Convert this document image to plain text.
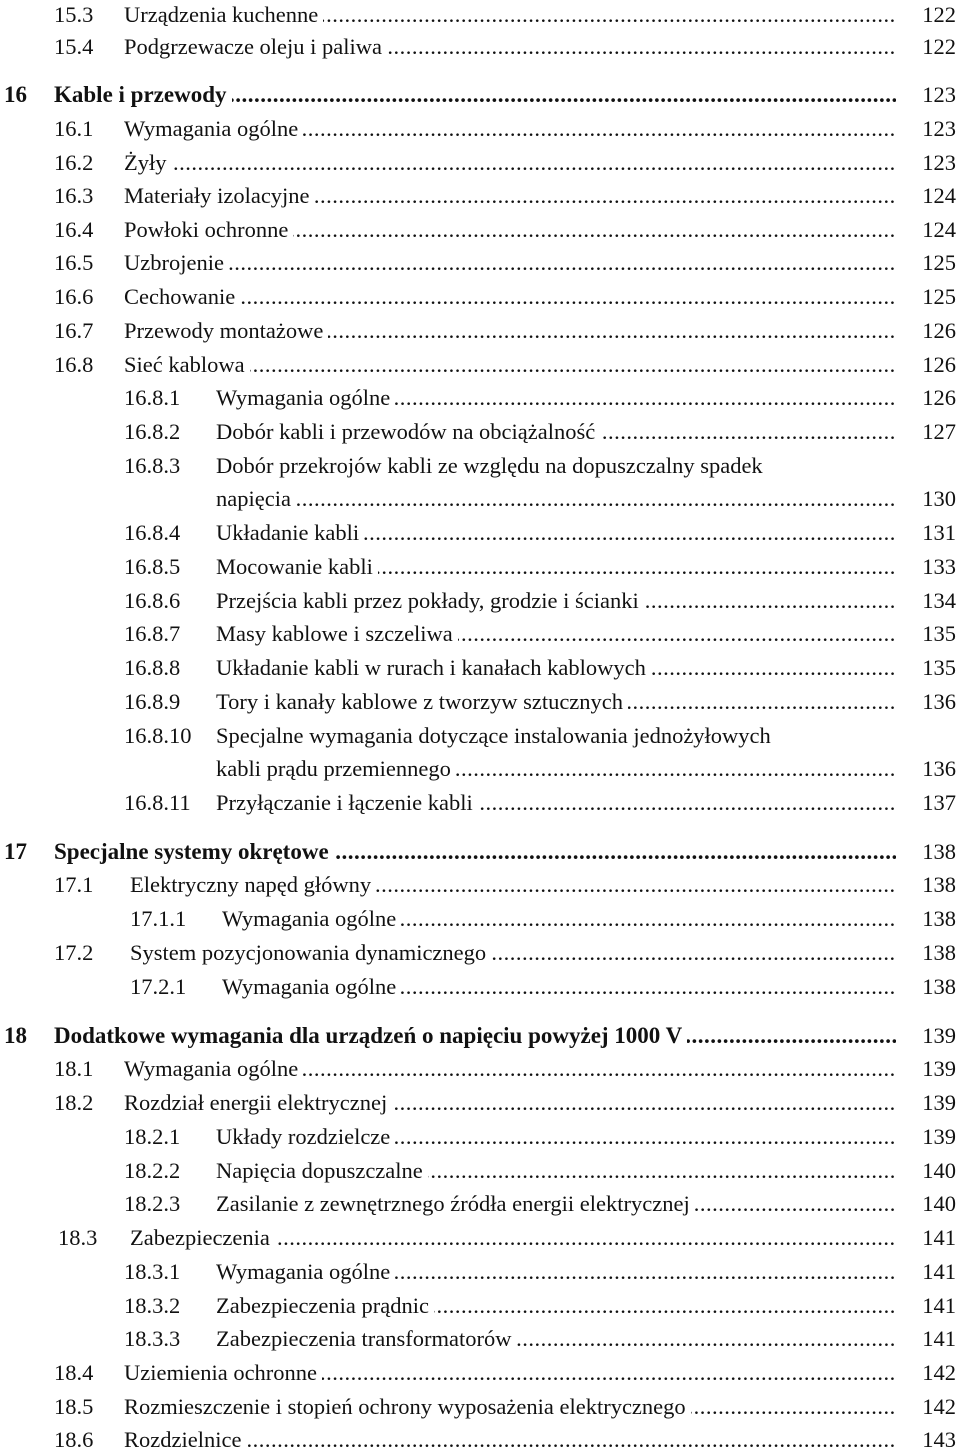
15.3 Urządzenia kuchenne .....	122
15.4 Podgrzewacze oleju i paliwa .....	122
16 Kable i przewody .....	123
16.1 Wymagania ogólne .....	123
16.2 Żyły .....	123
16.3 Materiały izolacyjne .....	124
16.4 Powłoki ochronne .....	124
16.5 Uzbrojenie .....	125
16.6 Cechowanie .....	125
16.7 Przewody montażowe .....	126
16.8 Sieć kablowa .....	126
16.8.1 Wymagania ogólne .....	126
16.8.2 Dobór kabli i przewodów na obciążalność .....	127
16.8.3 Dobór przekrojów kabli ze względu na dopuszczalny spadek
napięcia .....	130
16.8.4 Układanie kabli .....	131
16.8.5 Mocowanie kabli .....	133
16.8.6 Przejścia kabli przez pokłady, grodzie i ścianki .....	134
16.8.7 Masy kablowe i szczeliwa .....	135
16.8.8 Układanie kabli w rurach i kanałach kablowych .....	135
16.8.9 Tory i kanały kablowe z tworzyw sztucznych .....	136
16.8.10 Specjalne wymagania dotyczące instalowania jednożyłowych
kabli prądu przemiennego .....	136
16.8.11 Przyłączanie i łączenie kabli .....	137
17 Specjalne systemy okrętowe .....	138
17.1 Elektryczny napęd główny .....	138
17.1.1 Wymagania ogólne .....	138
17.2 System pozycjonowania dynamicznego .....	138
17.2.1 Wymagania ogólne .....	138
18 Dodatkowe wymagania dla urządzeń o napięciu powyżej 1000 V .....	139
18.1 Wymagania ogólne .....	139
18.2 Rozdział energii elektrycznej .....	139
18.2.1 Układy rozdzielcze .....	139
18.2.2 Napięcia dopuszczalne .....	140
18.2.3 Zasilanie z zewnętrznego źródła energii elektrycznej .....	140
18.3 Zabezpieczenia .....	141
18.3.1 Wymagania ogólne .....	141
18.3.2 Zabezpieczenia prądnic .....	141
18.3.3 Zabezpieczenia transformatorów .....	141
18.4 Uziemienia ochronne .....	142
18.5 Rozmieszczenie i stopień ochrony wyposażenia elektrycznego .....	142
18.6 Rozdzielnice .....	143
